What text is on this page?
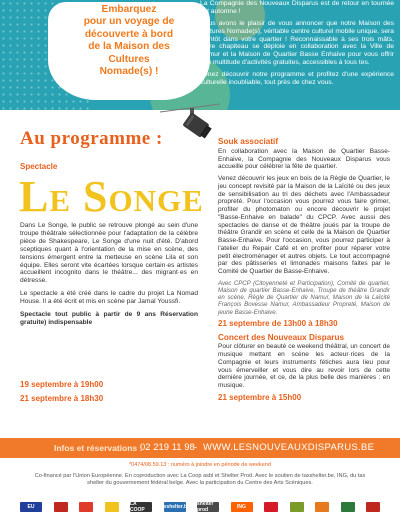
Embarquez
pour un voyage de
découverte à bord
de la Maison des
Cultures
Nomade(s) !

La Compagnie des Nouveaux Disparus est de retour en tournée cet automne !

Nous avons le plaisir de vous annoncer que notre Maison des Cultures Nomade(s), véritable centre culturel mobile unique, sera bientôt dans votre quartier ! Reconnaissable à ses trois mâts, notre chapiteau se déploie en collaboration avec la Ville de Namur et la Maison de Quartier Basse Enhaive pour vous offrir une multitude d'activités gratuites, accessibles à tous tes.

Venez découvrir notre programme et profitez d'une expérience culturelle inoubliable, tout près de chez vous.

Au programme :

Spectacle

Le Songe

Dans Le Songe, le public se retrouve plongé au sein d'une troupe théâtrale sélectionnée pour l'adaptation de la célèbre pièce de Shakespeare, Le Songe d'une nuit d'été. D'abord sceptiques quant à l'orientation de la mise en scène, des tensions émergent entre la metteuse en scène Lila et son équipe. Elles seront vite écartées lorsque certain·es artistes accueillent incognito dans le théâtre... des migrant·es en détresse.

Le spectacle a été créé dans le cadre du projet La Nomad House. Il a été écrit et mis en scène par Jamal Youssfi.

Spectacle tout public à partir de 9 ans Réservation gratuite) indispensable

19 septembre à 19h00

21 septembre à 18h30

Souk associatif

En collaboration avec la Maison de Quartier Basse-Enhaive, la Compagnie des Nouveaux Disparus vous accueille pour célébrer la fête de quartier.

Venez découvrir les jeux en bois de la Règle de Quartier, le jeu concept revisité par la Maison de la Laïcité ou des jeux de sensibilisation au tri des déchets avec l'Ambassadeur propreté. Pour l'occasion vous pourrez vous faire grimer, profiter du photomaton ou encore découvrir le projet "Basse-Enhaive en balade" du CPCP. Avec aussi des spectacles de danse et de théâtre joués par la troupe de théâtre Grandir en scène et celle de la Maison de Quartier Basse-Enhaive. Pour l'occasion, vous pourrez participer à l'atelier du Repair Café et en profiter pour réparer votre petit électroménager et autres objets. Le tout accompagné par des pâtisseries et limonades maisons faites par le Comité de Quartier de Basse-Enhaive.

Avec CPCP (Citoyenneté et Participation), Comité de quartier, Maison de quartier Basse-Enhaive, Troupe de théâtre Grandir en scène, Règle de Quartier de Namur, Maison de la Laïcité François Bovesse Namur, Ambassadeur Propreté, Maison de jeune Basse-Enhaive.

21 septembre de 13h00 à 18h30

Concert des Nouveaux Disparus

Pour clôturer en beauté ce weekend théâtral, un concert de musique mettant en scène les acteur·rices de la Compagnie et leurs instruments fétiches aura lieu pour vous émerveiller et vous dire au revoir lors de cette dernière journée, et ce, de la plus belle des manières : en musique.

21 septembre à 15h00

Infos et réservations :
02 219 11 98 - WWW.LESNOUVEAUXDISPARUS.BE

*0474/08.59.13 : numéro à joindre en période de weekend

Co-financé par l'Union Européenne. En coproduction avec La Coop asbl et Shelter Prod. Avec le soutien de taxshelter.be, ING, du tax shelter du gouvernement fédéral belge. Avec la participation du Centre des Arts Scéniques.

EU	LA COOP	taxshelter.be shelter prod	ING
